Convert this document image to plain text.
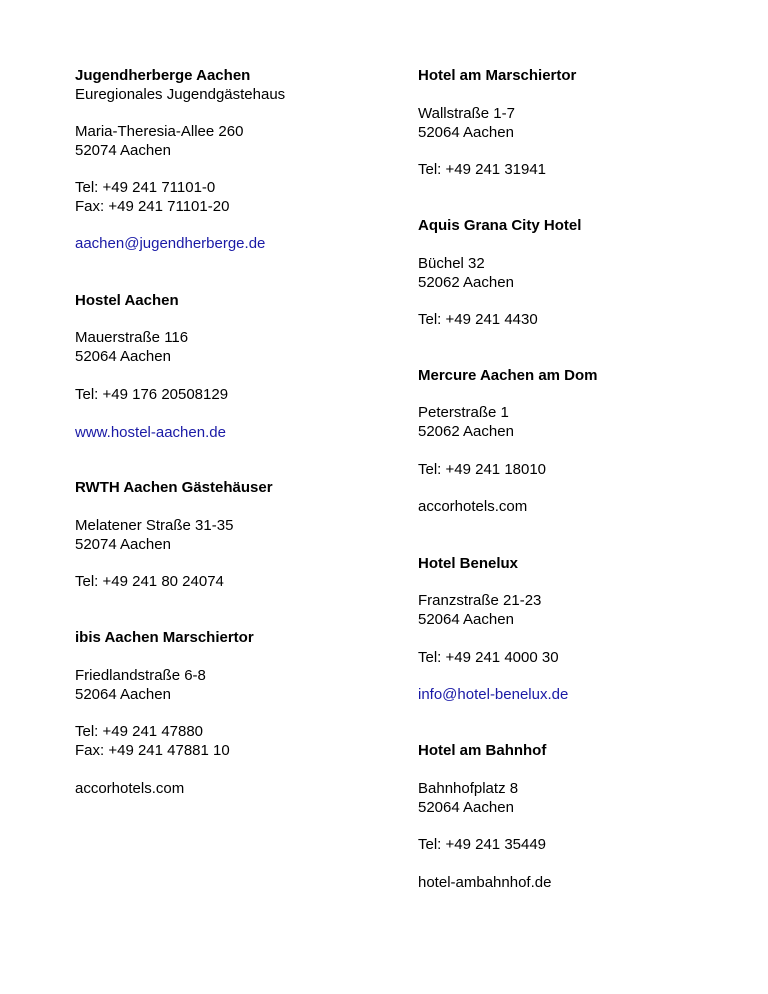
Jugendherberge Aachen

Euregionales Jugendgästehaus

Maria-Theresia-Allee 260

52074 Aachen

Tel: +49 241 71101-0

Fax: +49 241 71101-20

aachen@jugendherberge.de

Hostel Aachen

Mauerstraße 116

52064 Aachen

Tel: +49 176 20508129

www.hostel-aachen.de

RWTH Aachen Gästehäuser

Melatener Straße 31-35

52074 Aachen

Tel: +49 241 80 24074

ibis Aachen Marschiertor

Friedlandstraße 6-8

52064 Aachen

Tel: +49 241 47880

Fax: +49 241 47881 10

accorhotels.com

Hotel am Marschiertor

Wallstraße 1-7

52064 Aachen

Tel: +49 241 31941

Aquis Grana City Hotel

Büchel 32

52062 Aachen

Tel: +49 241 4430

Mercure Aachen am Dom

Peterstraße 1

52062 Aachen

Tel: +49 241 18010

accorhotels.com

Hotel Benelux

Franzstraße 21-23

52064 Aachen

Tel: +49 241 4000 30

info@hotel-benelux.de

Hotel am Bahnhof

Bahnhofplatz 8

52064 Aachen

Tel: +49 241 35449

hotel-ambahnhof.de
